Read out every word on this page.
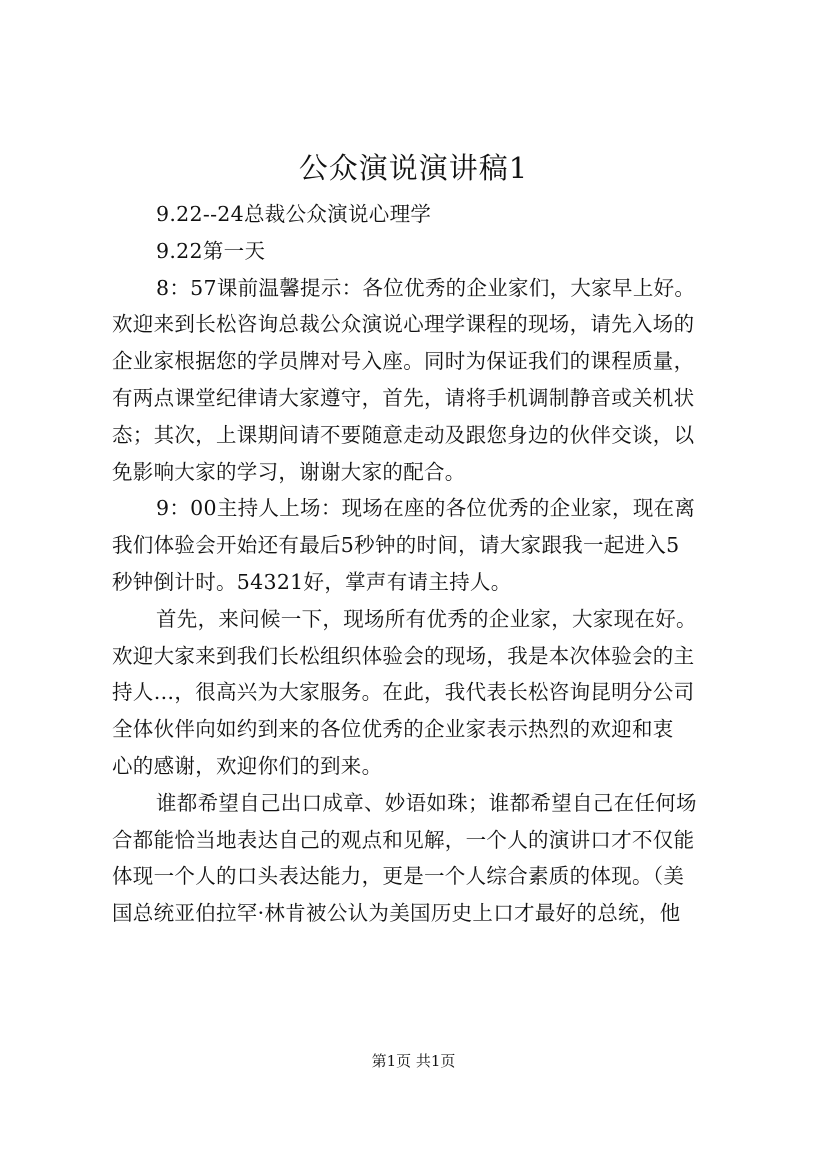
公众演说演讲稿1
9.22--24总裁公众演说心理学
9.22第一天
8：57课前温馨提示：各位优秀的企业家们，大家早上好。
欢迎来到长松咨询总裁公众演说心理学课程的现场，请先入场的
企业家根据您的学员牌对号入座。同时为保证我们的课程质量，
有两点课堂纪律请大家遵守，首先，请将手机调制静音或关机状
态；其次，上课期间请不要随意走动及跟您身边的伙伴交谈，以
免影响大家的学习，谢谢大家的配合。
9：00主持人上场：现场在座的各位优秀的企业家，现在离
我们体验会开始还有最后5秒钟的时间，请大家跟我一起进入5
秒钟倒计时。54321好，掌声有请主持人。
首先，来问候一下，现场所有优秀的企业家，大家现在好。
欢迎大家来到我们长松组织体验会的现场，我是本次体验会的主
持人…，很高兴为大家服务。在此，我代表长松咨询昆明分公司
全体伙伴向如约到来的各位优秀的企业家表示热烈的欢迎和衷
心的感谢，欢迎你们的到来。
谁都希望自己出口成章、妙语如珠；谁都希望自己在任何场
合都能恰当地表达自己的观点和见解，一个人的演讲口才不仅能
体现一个人的口头表达能力，更是一个人综合素质的体现。（美
国总统亚伯拉罕·林肯被公认为美国历史上口才最好的总统，他
第1页 共1页
